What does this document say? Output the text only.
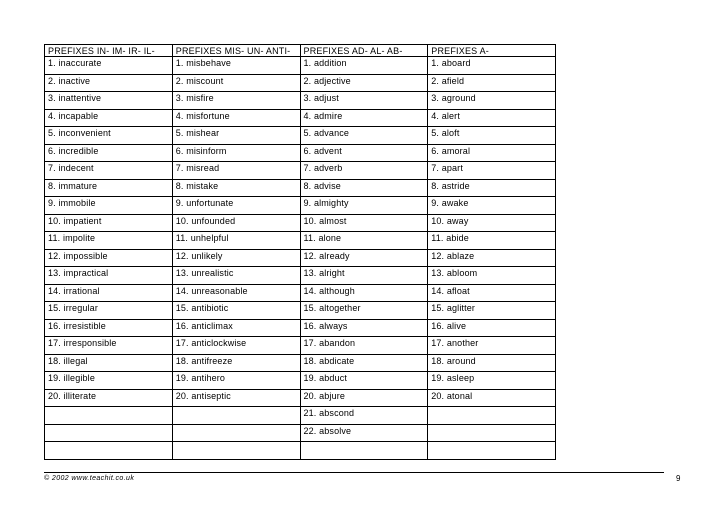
PREFIXES IN- IM- IR- IL-	PREFIXES MIS- UN- ANTI-	PREFIXES AD- AL- AB-	PREFIXES A-
1. inaccurate	1. misbehave	1. addition	1. aboard
2. inactive	2. miscount	2. adjective	2. afield
3. inattentive	3. misfire	3. adjust	3. aground
4. incapable	4. misfortune	4. admire	4. alert
5. inconvenient	5. mishear	5. advance	5. aloft
6. incredible	6. misinform	6. advent	6. amoral
7. indecent	7. misread	7. adverb	7. apart
8. immature	8. mistake	8. advise	8. astride
9. immobile	9. unfortunate	9. almighty	9. awake
10. impatient	10. unfounded	10. almost	10. away
11. impolite	11. unhelpful	11. alone	11. abide
12. impossible	12. unlikely	12. already	12. ablaze
13. impractical	13. unrealistic	13. alright	13. abloom
14. irrational	14. unreasonable	14. although	14. afloat
15. irregular	15. antibiotic	15. altogether	15. aglitter
16. irresistible	16. anticlimax	16. always	16. alive
17. irresponsible	17. anticlockwise	17. abandon	17. another
18. illegal	18. antifreeze	18. abdicate	18. around
19. illegible	19. antihero	19. abduct	19. asleep
20. illiterate	20. antiseptic	20. abjure	20. atonal
		21. abscond	
		22. absolve	

© 2002 www.teachit.co.uk	9
